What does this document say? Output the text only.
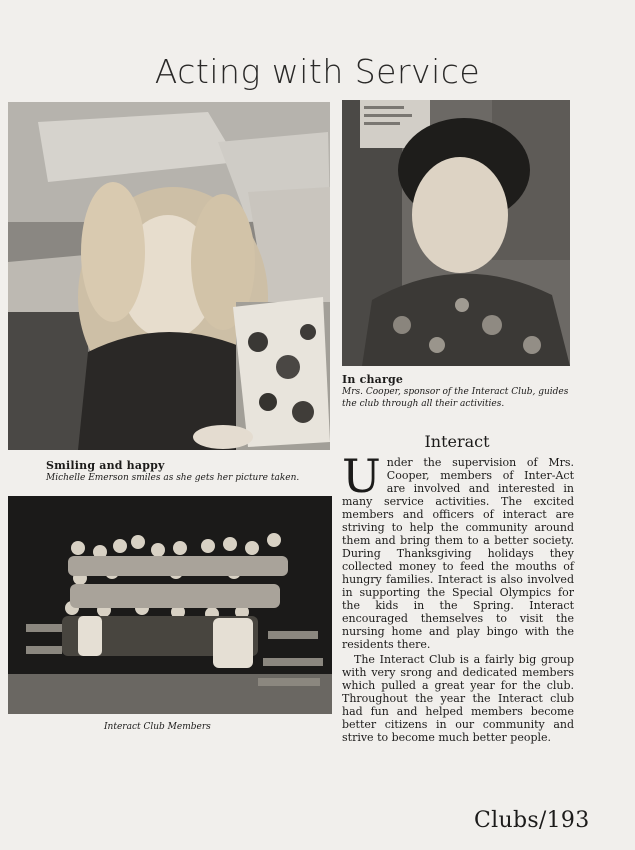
Acting with Service
Smiling and happy
Michelle Emerson smiles as she gets her picture taken.
In charge
Mrs. Cooper, sponsor of the Interact Club, guides
the club through all their activities.
Interact Club Members
Interact

Under the supervision of Mrs. Cooper, members of Inter-Act are involved and interested in many service activities. The excited members and officers of interact are striving to help the community around them and bring them to a better society. During Thanksgiving holidays they collected money to feed the mouths of hungry families. Interact is also involved in supporting the Special Olympics for the kids in the Spring. Interact encouraged themselves to visit the nursing home and play bingo with the residents there.

The Interact Club is a fairly big group with very srong and dedicated members which pulled a great year for the club. Throughout the year the Interact club had fun and helped members become better citizens in our community and strive to become much better people.

Clubs/193
